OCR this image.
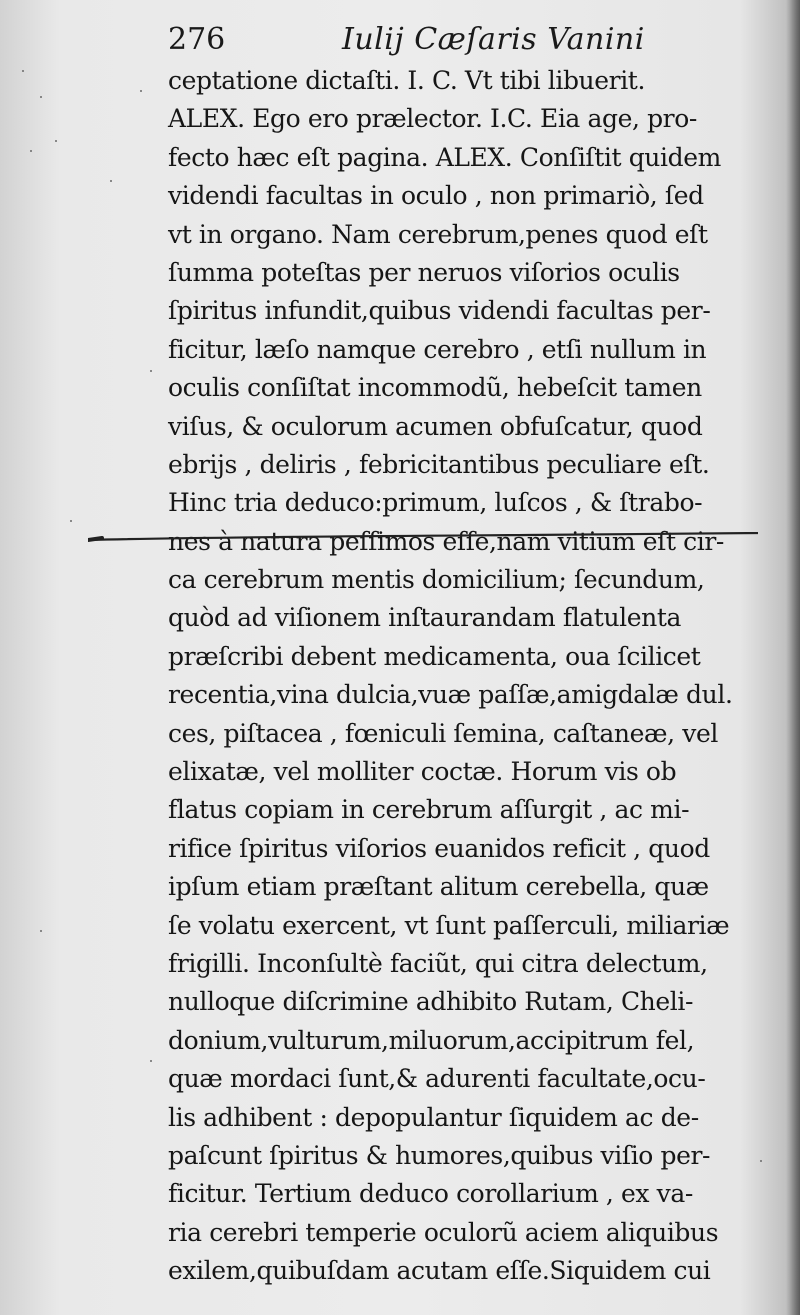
276	Iulij Cæſaris Vanini
ceptatione dictaſti. I. C. Vt tibi libuerit.
ALEX. Ego ero prælector. I.C. Eia age, pro-
fecto hæc eſt pagina. ALEX. Conſiſtit quidem
videndi facultas in oculo , non primariò, ſed
vt in organo. Nam cerebrum,penes quod eſt
ſumma poteſtas per neruos viſorios oculis
ſpiritus infundit,quibus videndi facultas per-
ficitur, læſo namque cerebro , etſi nullum in
oculis conſiſtat incommodũ, hebeſcit tamen
viſus, & oculorum acumen obfuſcatur, quod
ebrijs , deliris , febricitantibus peculiare eſt.
Hinc tria deduco:primum, luſcos , & ſtrabo-
nes à natura peſſimos eſſe,nam vitium eſt cir-
ca cerebrum mentis domicilium; ſecundum,
quòd ad viſionem inſtaurandam flatulenta
præſcribi debent medicamenta, oua ſcilicet
recentia,vina dulcia,vuæ paſſæ,amigdalæ dul.
ces, piſtacea , fœniculi ſemina, caſtaneæ, vel
elixatæ, vel molliter coctæ. Horum vis ob
flatus copiam in cerebrum aſſurgit , ac mi-
rifice ſpiritus viſorios euanidos reficit , quod
ipſum etiam præſtant alitum cerebella, quæ
ſe volatu exercent, vt ſunt paſſerculi, miliariæ
frigilli. Inconſultè faciũt, qui citra delectum,
nulloque diſcrimine adhibito Rutam, Cheli-
donium,vulturum,miluorum,accipitrum fel,
quæ mordaci ſunt,& adurenti facultate,ocu-
lis adhibent : depopulantur ſiquidem ac de-
paſcunt ſpiritus & humores,quibus viſio per-
ficitur. Tertium deduco corollarium , ex va-
ria cerebri temperie oculorũ aciem aliquibus
exilem,quibuſdam acutam eſſe.Siquidem cui
